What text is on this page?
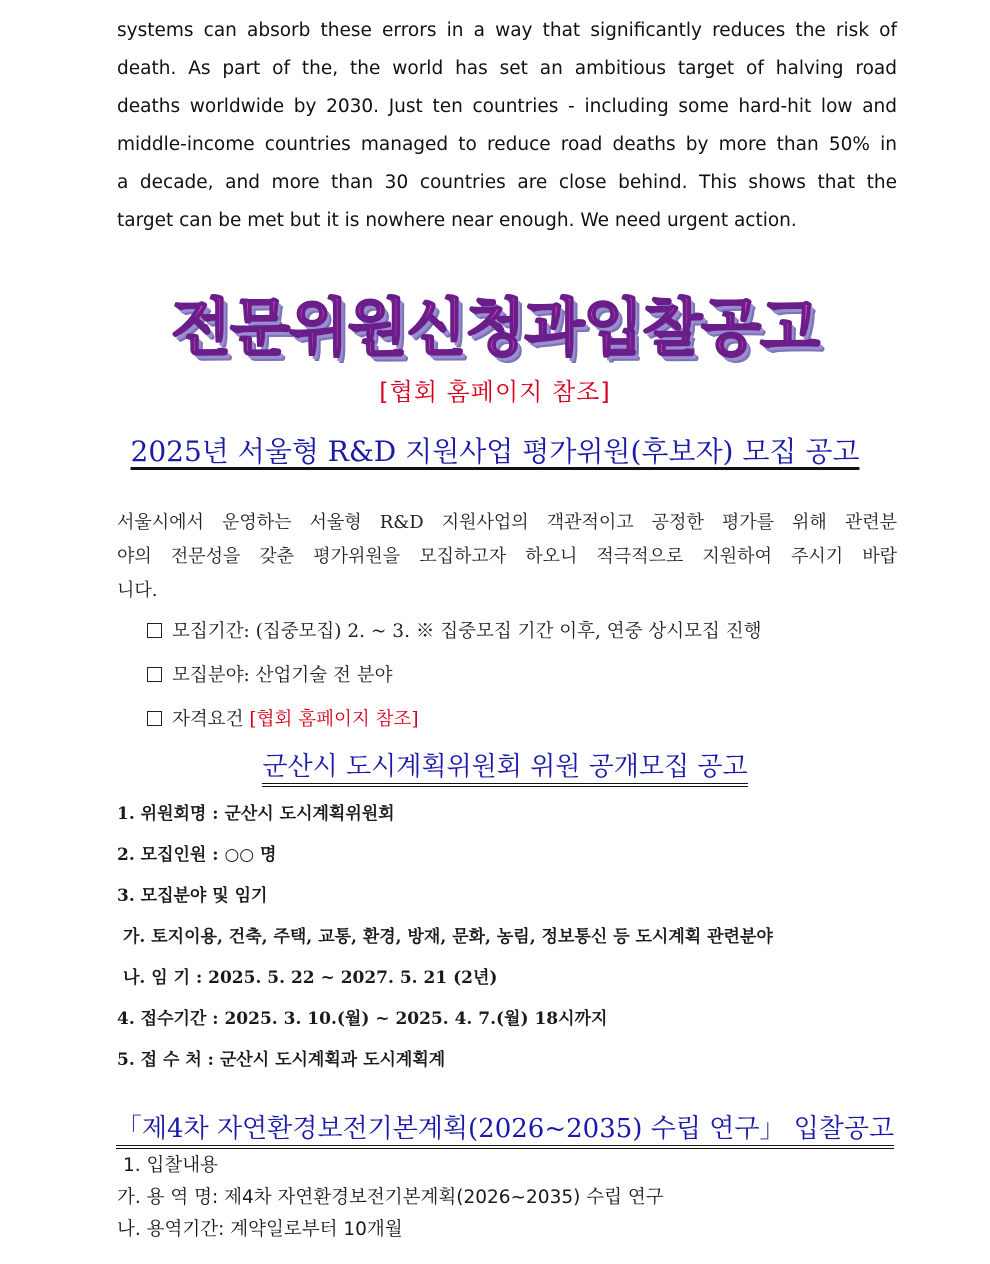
systems can absorb these errors in a way that significantly reduces the risk of
death. As part of the, the world has set an ambitious target of halving road
deaths worldwide by 2030. Just ten countries - including some hard-hit low and
middle-income countries managed to reduce road deaths by more than 50% in
a decade, and more than 30 countries are close behind. This shows that the
target can be met but it is nowhere near enough. We need urgent action.
전문위원신청과입찰공고
[협회 홈페이지 참조]
2025년 서울형 R&D 지원사업 평가위원(후보자) 모집 공고
서울시에서 운영하는 서울형 R&D 지원사업의 객관적이고 공정한 평가를 위해 관련분
야의 전문성을 갖춘 평가위원을 모집하고자 하오니 적극적으로 지원하여 주시기 바랍
니다.
모집기간: (집중모집) 2. ~ 3. ※ 집중모집 기간 이후, 연중 상시모집 진행
모집분야: 산업기술 전 분야
자격요건 [협회 홈페이지 참조]
군산시 도시계획위원회 위원 공개모집 공고
1. 위원회명 : 군산시 도시계획위원회
2. 모집인원 : ○○ 명
3. 모집분야 및 임기
가. 토지이용, 건축, 주택, 교통, 환경, 방재, 문화, 농림, 정보통신 등 도시계획 관련분야
나. 임 기 : 2025. 5. 22 ~ 2027. 5. 21 (2년)
4. 접수기간 : 2025. 3. 10.(월) ~ 2025. 4. 7.(월) 18시까지
5. 접 수 처 : 군산시 도시계획과 도시계획계
「제4차 자연환경보전기본계획(2026~2035) 수립 연구」 입찰공고
1. 입찰내용
가. 용 역 명: 제4차 자연환경보전기본계획(2026~2035) 수립 연구
나. 용역기간: 계약일로부터 10개월
